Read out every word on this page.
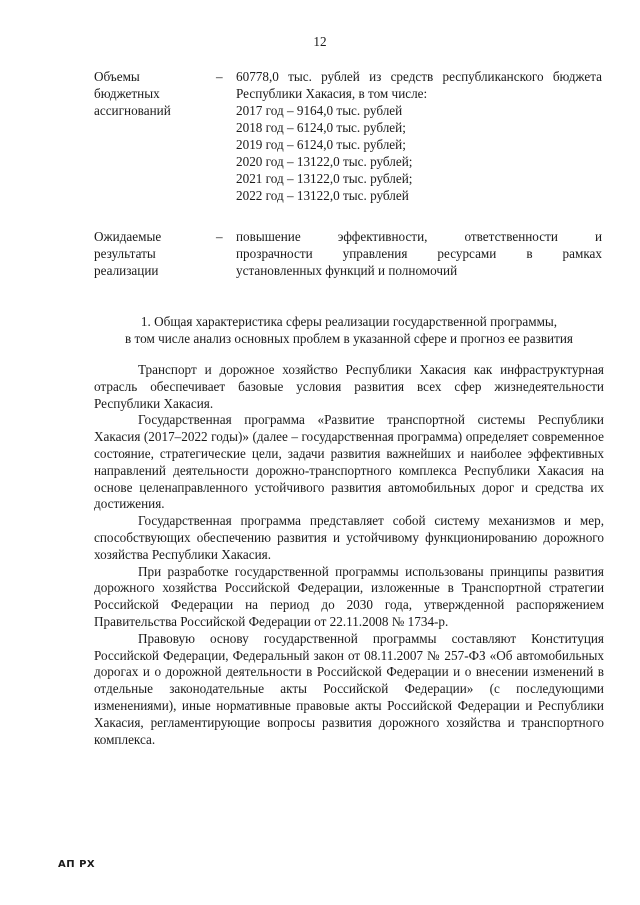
12
Объемы
бюджетных
ассигнований
– 60778,0 тыс. рублей из средств республиканского бюджета
Республики Хакасия, в том числе:
2017 год – 9164,0 тыс. рублей
2018 год – 6124,0 тыс. рублей;
2019 год – 6124,0 тыс. рублей;
2020 год – 13122,0 тыс. рублей;
2021 год – 13122,0 тыс. рублей;
2022 год – 13122,0 тыс. рублей
Ожидаемые
результаты
реализации
– повышение эффективности, ответственности и
прозрачности управления ресурсами в рамках
установленных функций и полномочий
1. Общая характеристика сферы реализации государственной программы,
в том числе анализ основных проблем в указанной сфере и прогноз ее развития

Транспорт и дорожное хозяйство Республики Хакасия как инфраструктурная отрасль обеспечивает базовые условия развития всех сфер жизнедеятельности Республики Хакасия.

Государственная программа «Развитие транспортной системы Республики Хакасия (2017–2022 годы)» (далее – государственная программа) определяет современное состояние, стратегические цели, задачи развития важнейших и наиболее эффективных направлений деятельности дорожно-транспортного комплекса Республики Хакасия на основе целенаправленного устойчивого развития автомобильных дорог и средства их достижения.

Государственная программа представляет собой систему механизмов и мер, способствующих обеспечению развития и устойчивому функционированию дорожного хозяйства Республики Хакасия.

При разработке государственной программы использованы принципы развития дорожного хозяйства Российской Федерации, изложенные в Транспортной стратегии Российской Федерации на период до 2030 года, утвержденной распоряжением Правительства Российской Федерации от 22.11.2008 № 1734-р.

Правовую основу государственной программы составляют Конституция Российской Федерации, Федеральный закон от 08.11.2007 № 257-ФЗ «Об автомобильных дорогах и о дорожной деятельности в Российской Федерации и о внесении изменений в отдельные законодательные акты Российской Федерации» (с последующими изменениями), иные нормативные правовые акты Российской Федерации и Республики Хакасия, регламентирующие вопросы развития дорожного хозяйства и транспортного комплекса.

АП РХ
